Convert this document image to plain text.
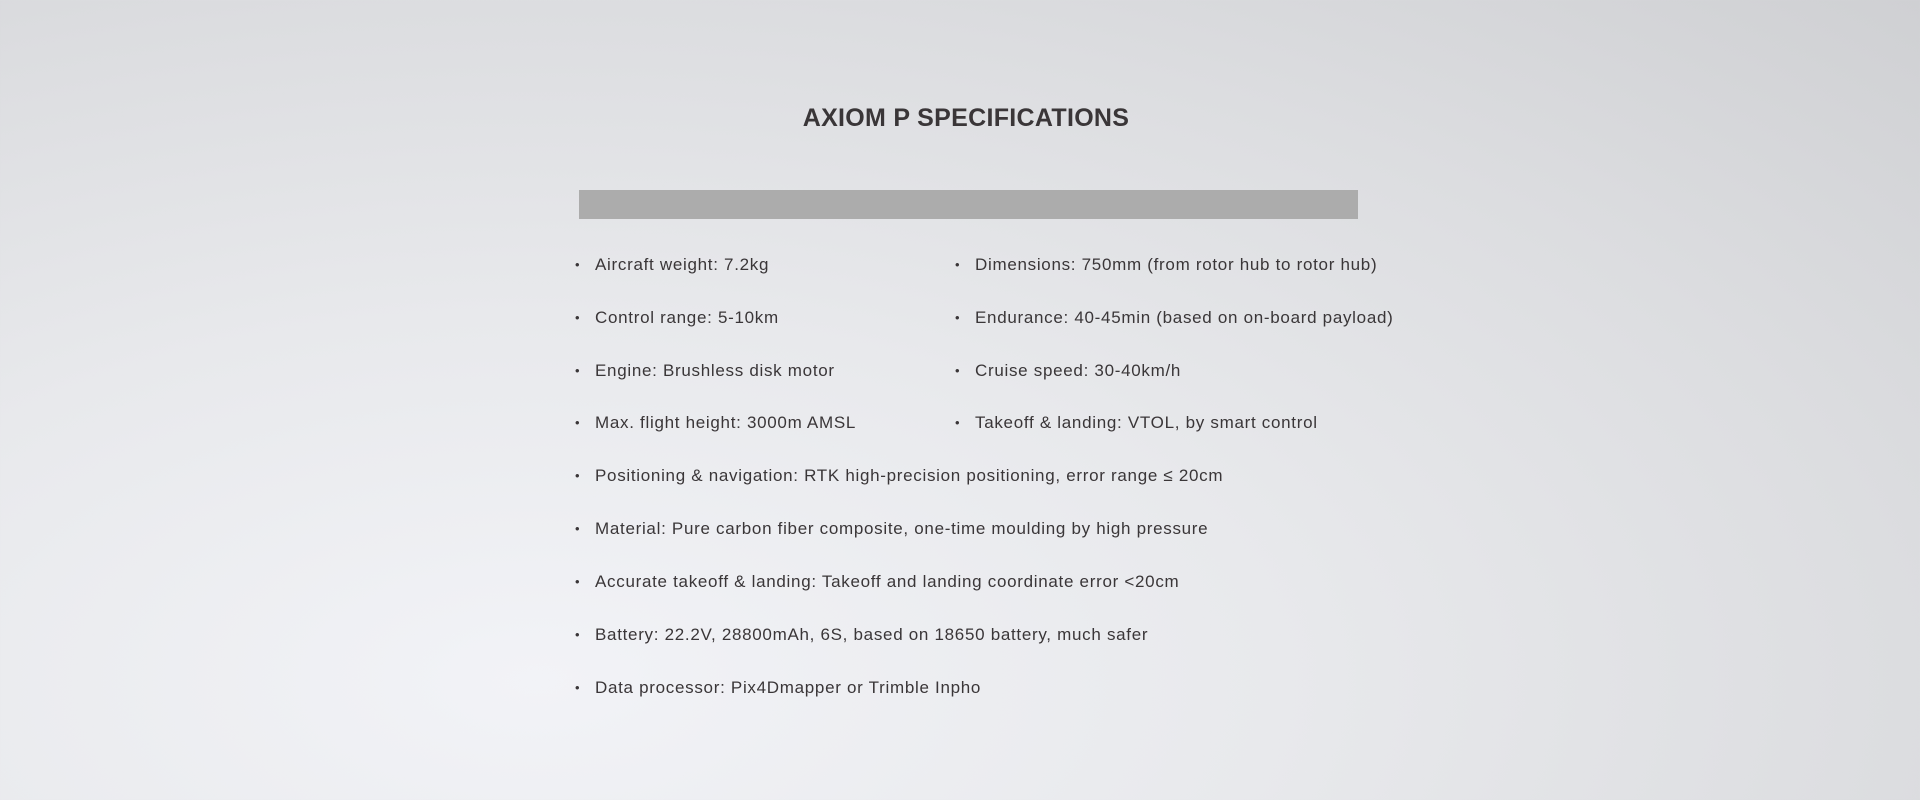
AXIOM P SPECIFICATIONS
• Aircraft weight: 7.2kg
• Control range: 5-10km
• Engine: Brushless disk motor
• Max. flight height: 3000m AMSL
• Positioning & navigation: RTK high-precision positioning, error range ≤ 20cm
• Material: Pure carbon fiber composite, one-time moulding by high pressure
• Accurate takeoff & landing: Takeoff and landing coordinate error <20cm
• Battery: 22.2V, 28800mAh, 6S, based on 18650 battery, much safer
• Data processor: Pix4Dmapper or Trimble Inpho
• Dimensions: 750mm (from rotor hub to rotor hub)
• Endurance: 40-45min (based on on-board payload)
• Cruise speed: 30-40km/h
• Takeoff & landing: VTOL, by smart control
